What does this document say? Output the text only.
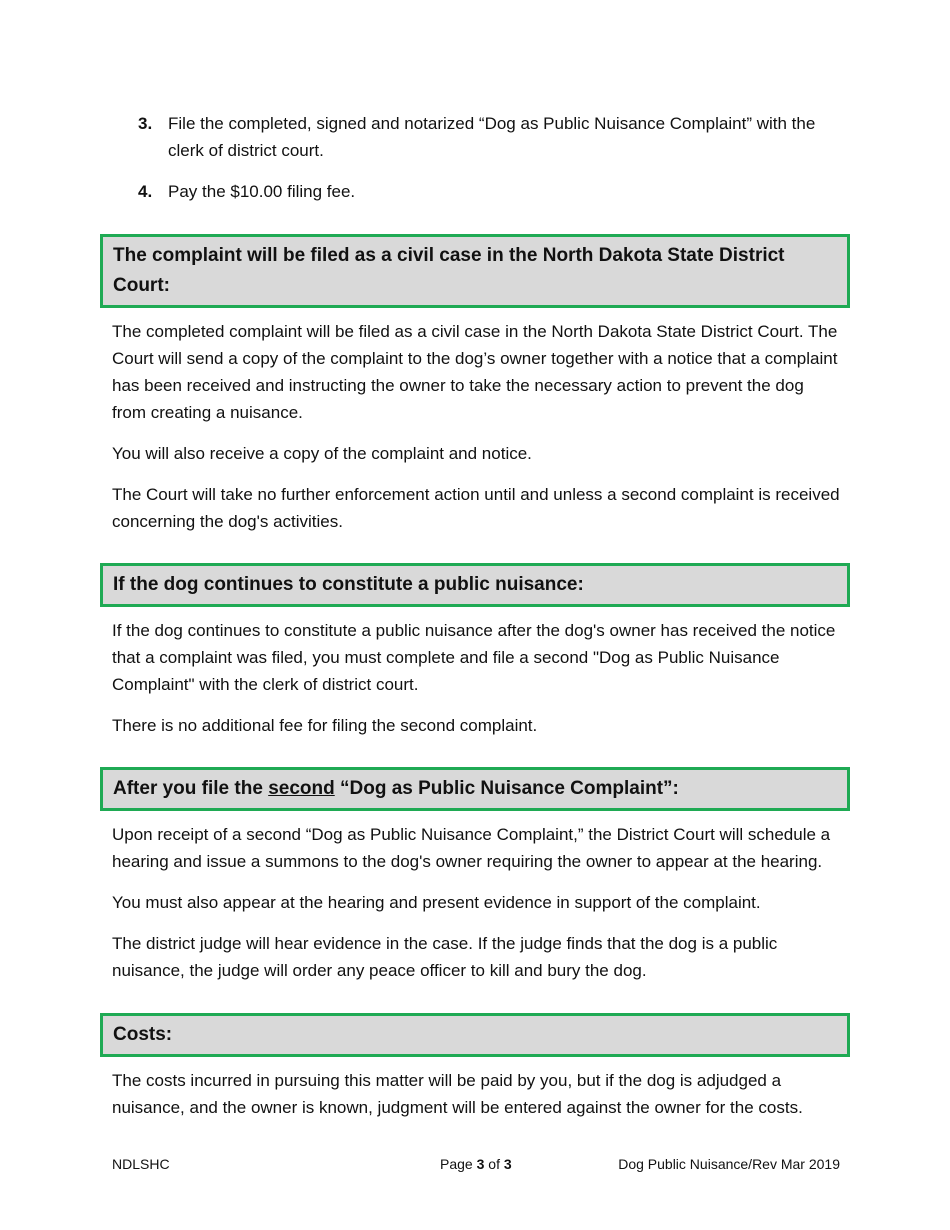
3. File the completed, signed and notarized “Dog as Public Nuisance Complaint” with the clerk of district court.
4. Pay the $10.00 filing fee.
The complaint will be filed as a civil case in the North Dakota State District Court:

The completed complaint will be filed as a civil case in the North Dakota State District Court. The Court will send a copy of the complaint to the dog’s owner together with a notice that a complaint has been received and instructing the owner to take the necessary action to prevent the dog from creating a nuisance.

You will also receive a copy of the complaint and notice.

The Court will take no further enforcement action until and unless a second complaint is received concerning the dog's activities.

If the dog continues to constitute a public nuisance:

If the dog continues to constitute a public nuisance after the dog's owner has received the notice that a complaint was filed, you must complete and file a second "Dog as Public Nuisance Complaint" with the clerk of district court.

There is no additional fee for filing the second complaint.

After you file the second “Dog as Public Nuisance Complaint”:

Upon receipt of a second “Dog as Public Nuisance Complaint,” the District Court will schedule a hearing and issue a summons to the dog's owner requiring the owner to appear at the hearing.

You must also appear at the hearing and present evidence in support of the complaint.

The district judge will hear evidence in the case. If the judge finds that the dog is a public nuisance, the judge will order any peace officer to kill and bury the dog.

Costs:

The costs incurred in pursuing this matter will be paid by you, but if the dog is adjudged a nuisance, and the owner is known, judgment will be entered against the owner for the costs.

NDLSHC	Page 3 of 3	Dog Public Nuisance/Rev Mar 2019
